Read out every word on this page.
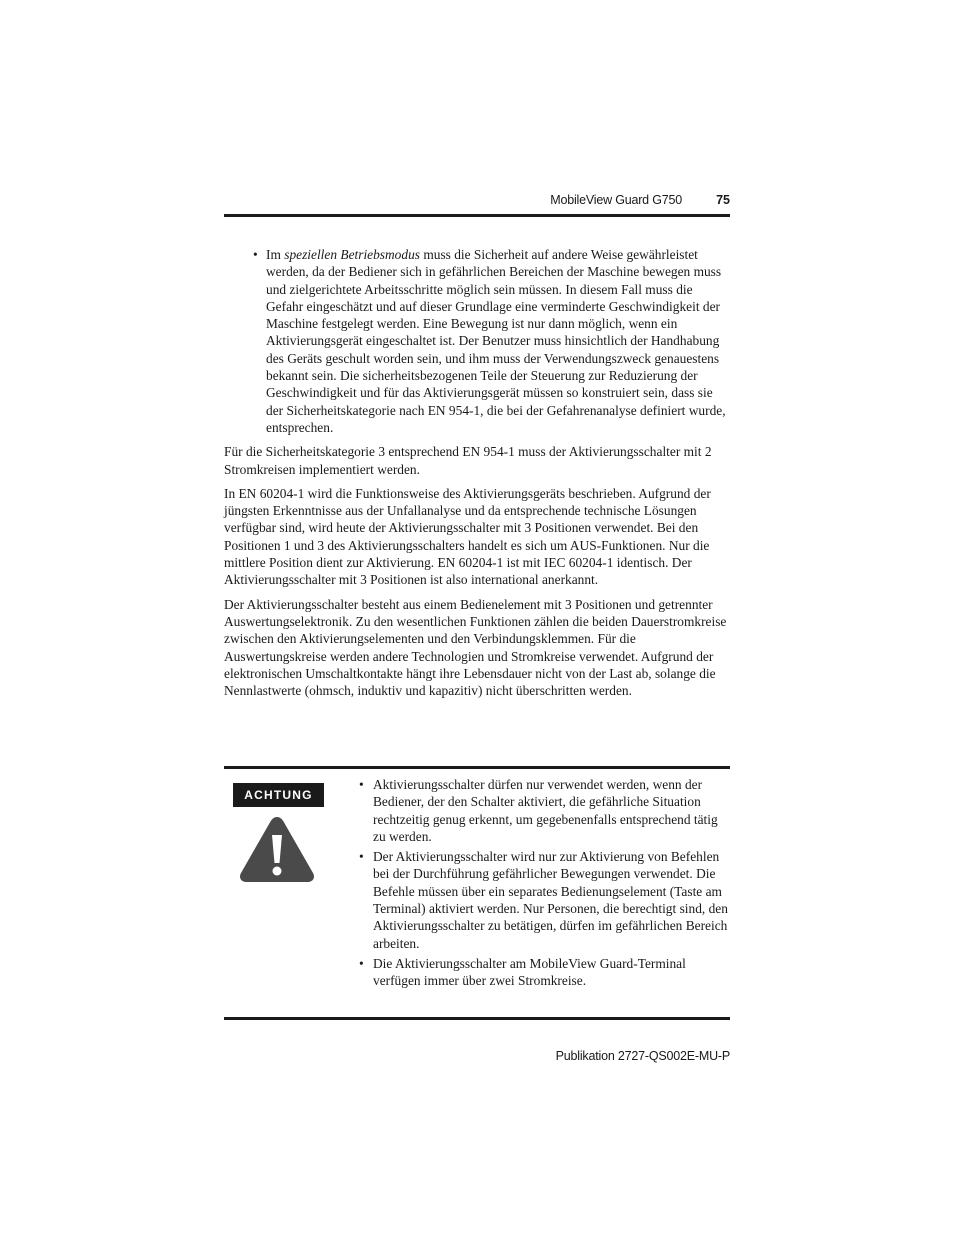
MobileView Guard G750	75
• Im speziellen Betriebsmodus muss die Sicherheit auf andere Weise gewährleistet werden, da der Bediener sich in gefährlichen Bereichen der Maschine bewegen muss und zielgerichtete Arbeitsschritte möglich sein müssen. In diesem Fall muss die Gefahr eingeschätzt und auf dieser Grundlage eine verminderte Geschwindigkeit der Maschine festgelegt werden. Eine Bewegung ist nur dann möglich, wenn ein Aktivierungsgerät eingeschaltet ist. Der Benutzer muss hinsichtlich der Handhabung des Geräts geschult worden sein, und ihm muss der Verwendungszweck genauestens bekannt sein. Die sicherheitsbezogenen Teile der Steuerung zur Reduzierung der Geschwindigkeit und für das Aktivierungsgerät müssen so konstruiert sein, dass sie der Sicherheitskategorie nach EN 954-1, die bei der Gefahrenanalyse definiert wurde, entsprechen.

Für die Sicherheitskategorie 3 entsprechend EN 954-1 muss der Aktivierungsschalter mit 2 Stromkreisen implementiert werden.

In EN 60204-1 wird die Funktionsweise des Aktivierungsgeräts beschrieben. Aufgrund der jüngsten Erkenntnisse aus der Unfallanalyse und da entsprechende technische Lösungen verfügbar sind, wird heute der Aktivierungsschalter mit 3 Positionen verwendet. Bei den Positionen 1 und 3 des Aktivierungsschalters handelt es sich um AUS-Funktionen. Nur die mittlere Position dient zur Aktivierung. EN 60204-1 ist mit IEC 60204-1 identisch. Der Aktivierungsschalter mit 3 Positionen ist also international anerkannt.

Der Aktivierungsschalter besteht aus einem Bedienelement mit 3 Positionen und getrennter Auswertungselektronik. Zu den wesentlichen Funktionen zählen die beiden Dauerstromkreise zwischen den Aktivierungselementen und den Verbindungsklemmen. Für die Auswertungskreise werden andere Technologien und Stromkreise verwendet. Aufgrund der elektronischen Umschaltkontakte hängt ihre Lebensdauer nicht von der Last ab, solange die Nennlastwerte (ohmsch, induktiv und kapazitiv) nicht überschritten werden.

ACHTUNG
• Aktivierungsschalter dürfen nur verwendet werden, wenn der Bediener, der den Schalter aktiviert, die gefährliche Situation rechtzeitig genug erkennt, um gegebenenfalls entsprechend tätig zu werden.
• Der Aktivierungsschalter wird nur zur Aktivierung von Befehlen bei der Durchführung gefährlicher Bewegungen verwendet. Die Befehle müssen über ein separates Bedienungselement (Taste am Terminal) aktiviert werden. Nur Personen, die berechtigt sind, den Aktivierungsschalter zu betätigen, dürfen im gefährlichen Bereich arbeiten.
• Die Aktivierungsschalter am MobileView Guard-Terminal verfügen immer über zwei Stromkreise.
Publikation 2727-QS002E-MU-P
